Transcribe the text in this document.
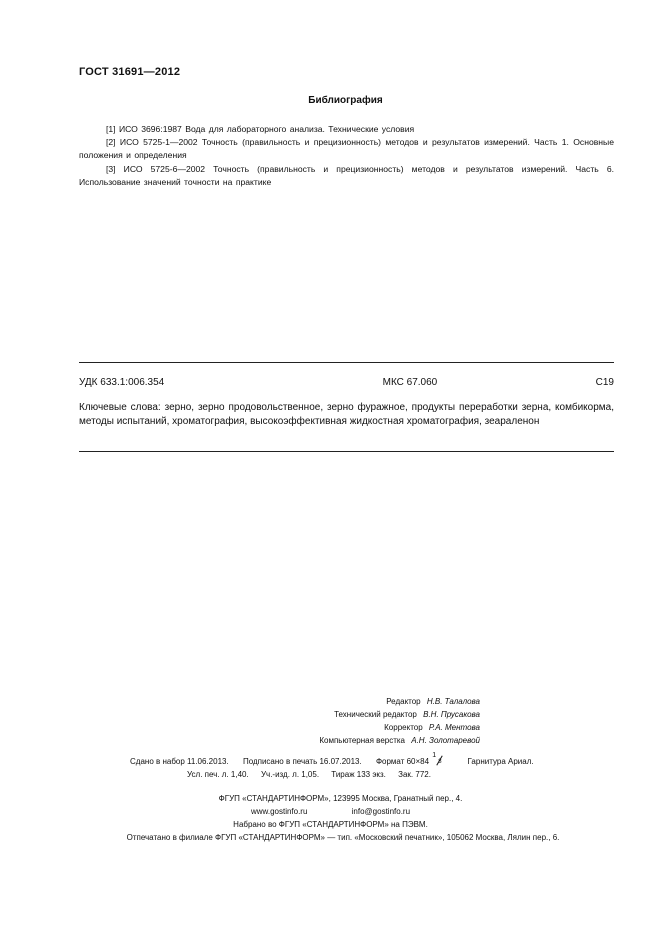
ГОСТ 31691—2012
Библиография

[1] ИСО 3696:1987 Вода для лабораторного анализа. Технические условия

[2] ИСО 5725-1—2002 Точность (правильность и прецизионность) методов и результатов измерений. Часть 1. Основные положения и определения

[3] ИСО 5725-6—2002 Точность (правильность и прецизионность) методов и результатов измерений. Часть 6. Использование значений точности на практике

УДК 633.1:006.354	МКС 67.060	С19
Ключевые слова: зерно, зерно продовольственное, зерно фуражное, продукты переработки зерна, комбикорма, методы испытаний, хроматография, высокоэффективная жидкостная хроматография, зеараленон
Редактор Н.В. Талалова
Технический редактор В.Н. Прусакова
Корректор Р.А. Ментова
Компьютерная верстка А.Н. Золотаревой
Сдано в набор 11.06.2013. Подписано в печать 16.07.2013. Формат 60×84
1
8	Гарнитура Ариал.
Усл. печ. л. 1,40. Уч.-изд. л. 1,05. Тираж 133 экз. Зак. 772.
ФГУП «СТАНДАРТИНФОРМ», 123995 Москва, Гранатный пер., 4.
www.gostinfo.ru	info@gostinfo.ru
Набрано во ФГУП «СТАНДАРТИНФОРМ» на ПЭВМ.
Отпечатано в филиале ФГУП «СТАНДАРТИНФОРМ» — тип. «Московский печатник», 105062 Москва, Лялин пер., 6.
